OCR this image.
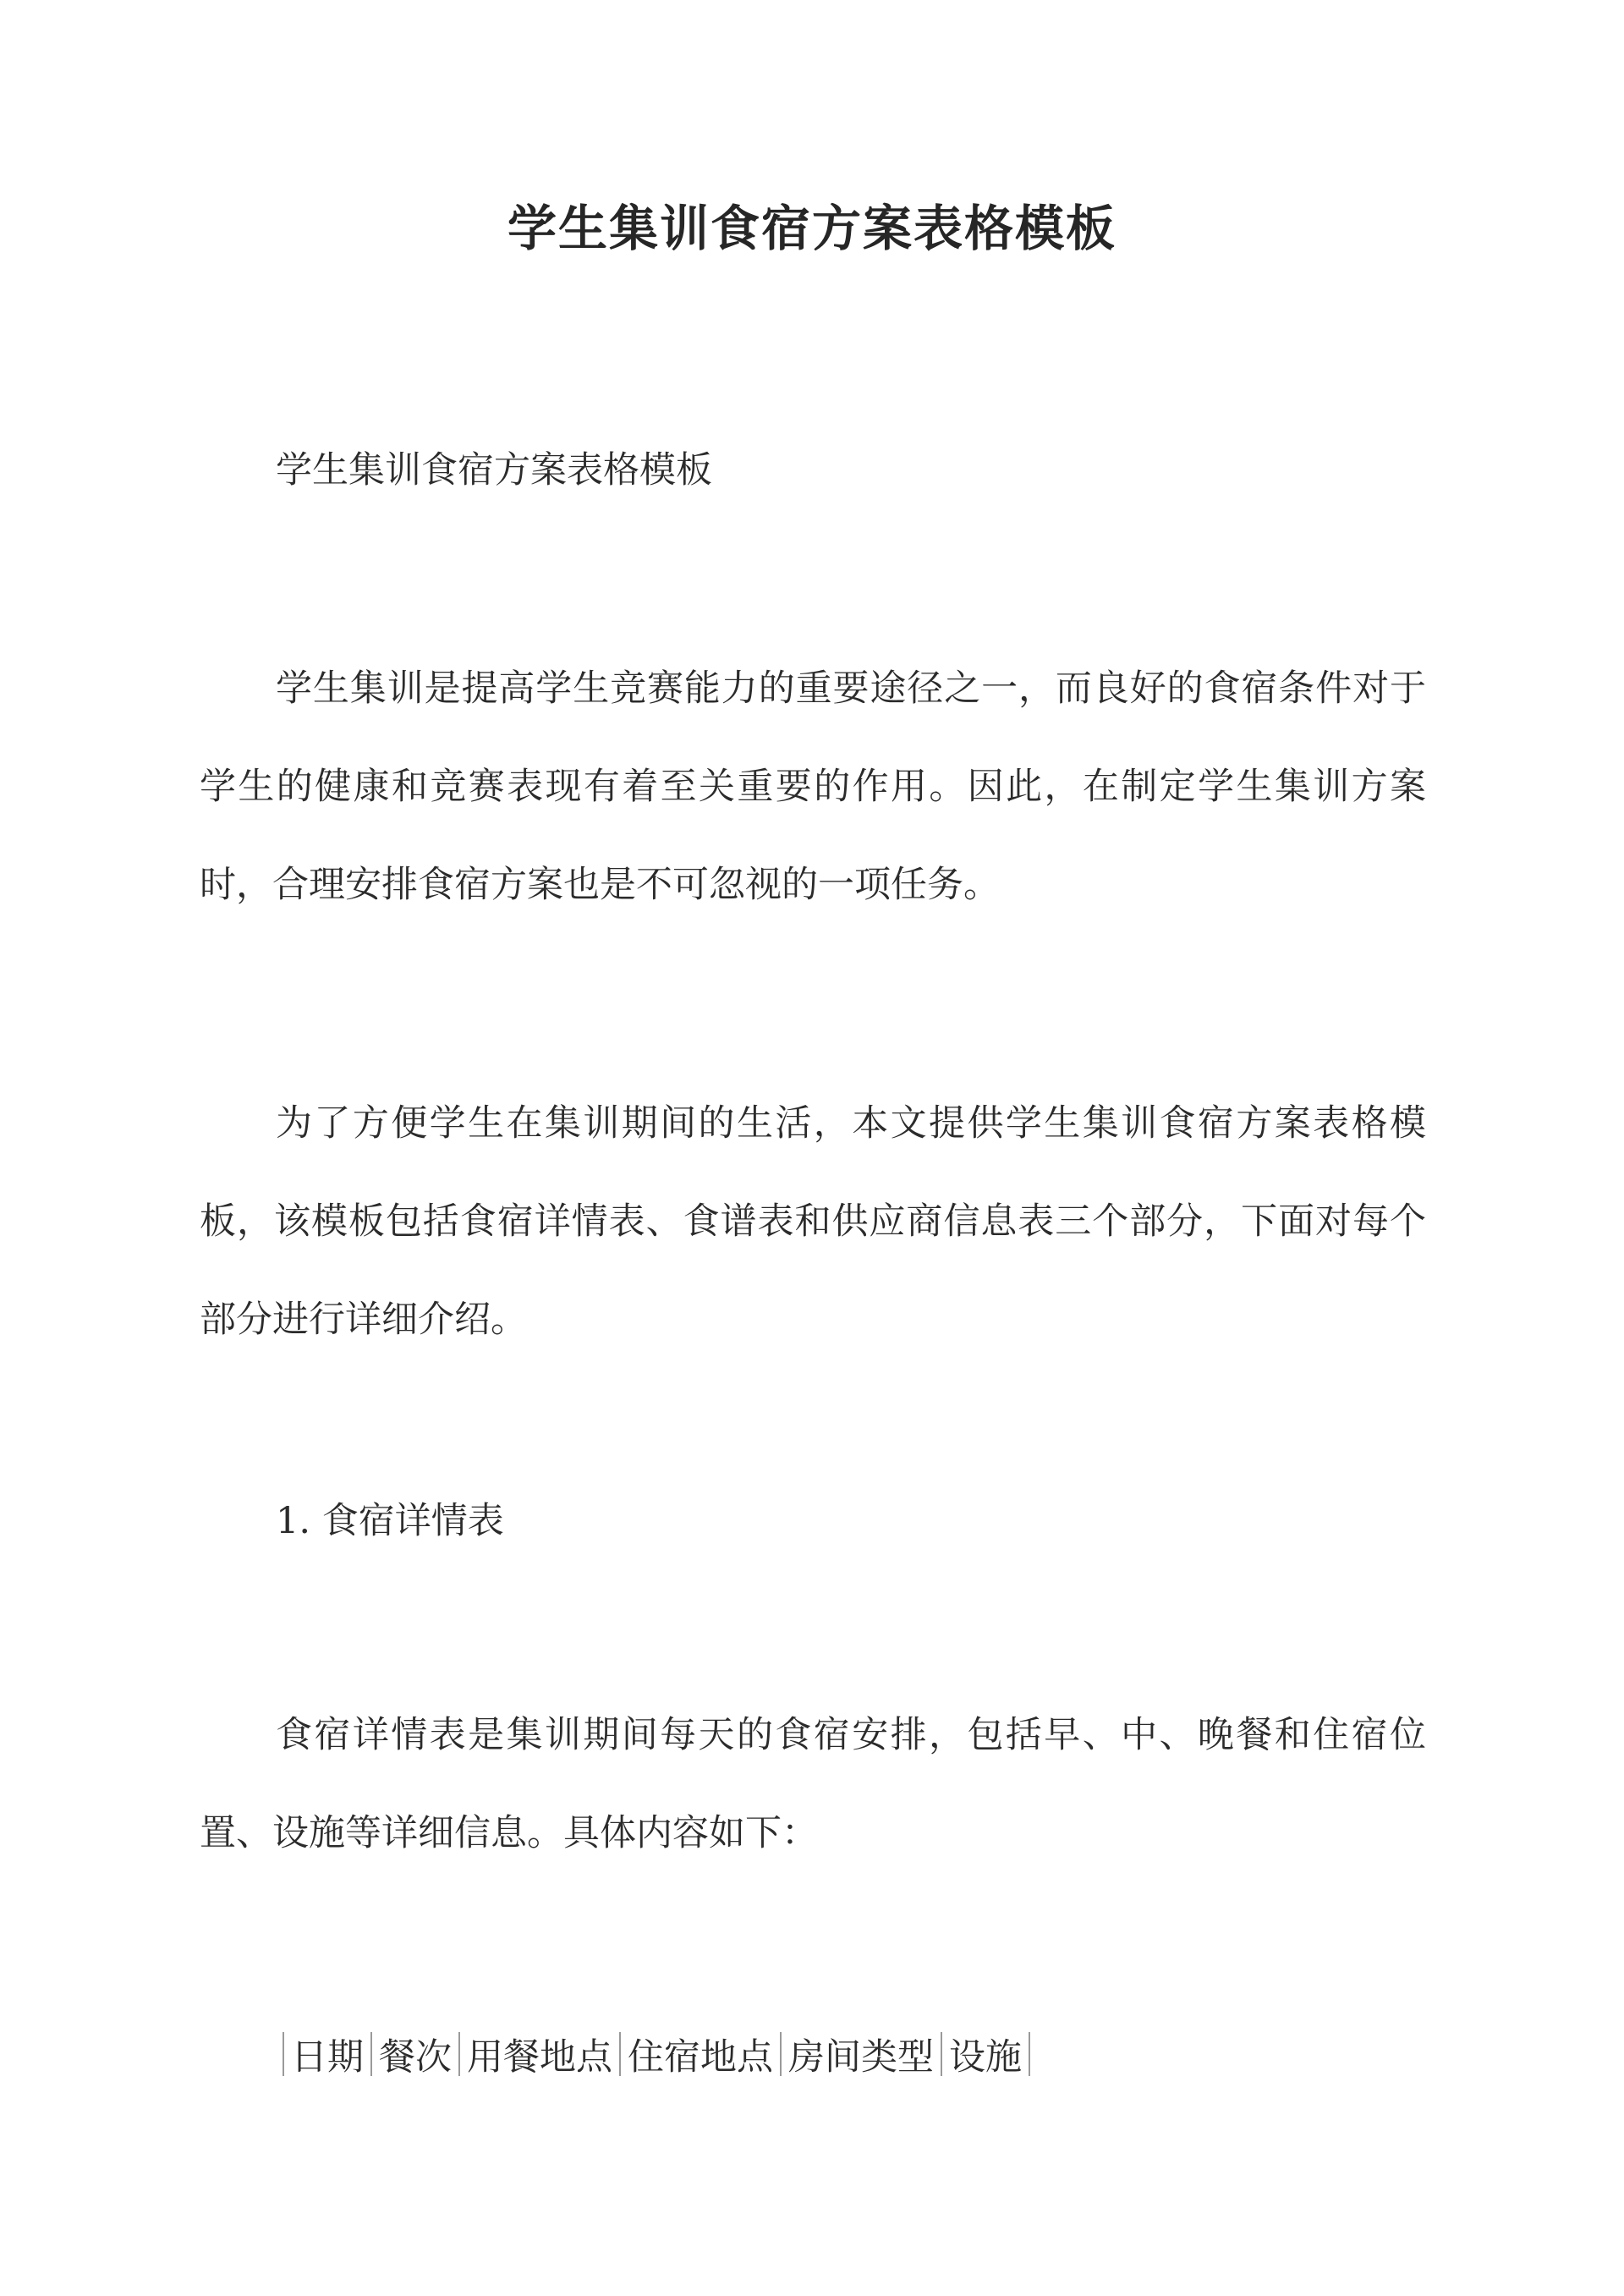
学生集训食宿方案表格模板

学生集训食宿方案表格模板

学生集训是提高学生竞赛能力的重要途径之一，而良好的食宿条件对于学生的健康和竞赛表现有着至关重要的作用。因此，在制定学生集训方案时，合理安排食宿方案也是不可忽视的一项任务。

为了方便学生在集训期间的生活，本文提供学生集训食宿方案表格模板，该模板包括食宿详情表、食谱表和供应商信息表三个部分，下面对每个部分进行详细介绍。

1. 食宿详情表

食宿详情表是集训期间每天的食宿安排，包括早、中、晚餐和住宿位置、设施等详细信息。具体内容如下：

日期 餐次 用餐地点 住宿地点 房间类型 设施
